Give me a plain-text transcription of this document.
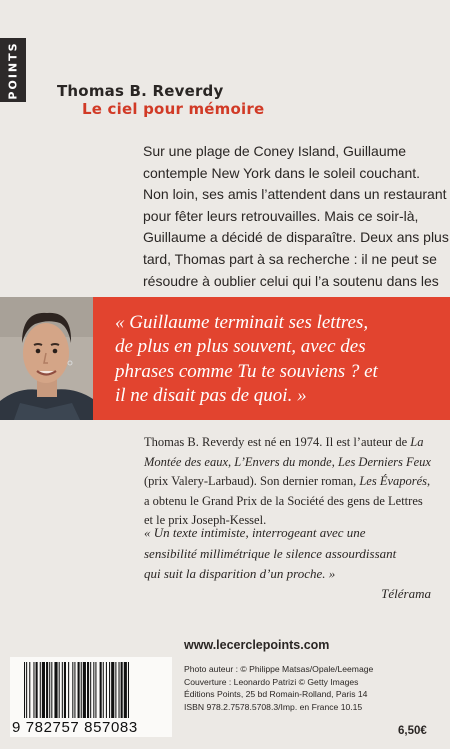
POINTS Thomas B. Reverdy
Le ciel pour mémoire
Sur une plage de Coney Island, Guillaume
contemple New York dans le soleil couchant.
Non loin, ses amis l’attendent dans un restaurant
pour fêter leurs retrouvailles. Mais ce soir-là,
Guillaume a décidé de disparaître. Deux ans plus
tard, Thomas part à sa recherche : il ne peut se
résoudre à oublier celui qui l’a soutenu dans les
« Guillaume terminait ses lettres,
de plus en plus souvent, avec des
phrases comme Tu te souviens ? et
il ne disait pas de quoi. »
Thomas B. Reverdy est né en 1974. Il est l’auteur de La
Montée des eaux, L’Envers du monde, Les Derniers Feux
(prix Valery-Larbaud). Son dernier roman, Les Évaporés,
a obtenu le Grand Prix de la Société des gens de Lettres
et le prix Joseph-Kessel.
« Un texte intimiste, interrogeant avec une
sensibilité millimétrique le silence assourdissant
qui suit la disparition d’un proche. »
Télérama
www.lecerclepoints.com
9 782757 857083
Photo auteur : © Philippe Matsas/Opale/Leemage
Couverture : Leonardo Patrizi © Getty Images
Éditions Points, 25 bd Romain-Rolland, Paris 14
ISBN 978.2.7578.5708.3/Imp. en France 10.15
6,50€
